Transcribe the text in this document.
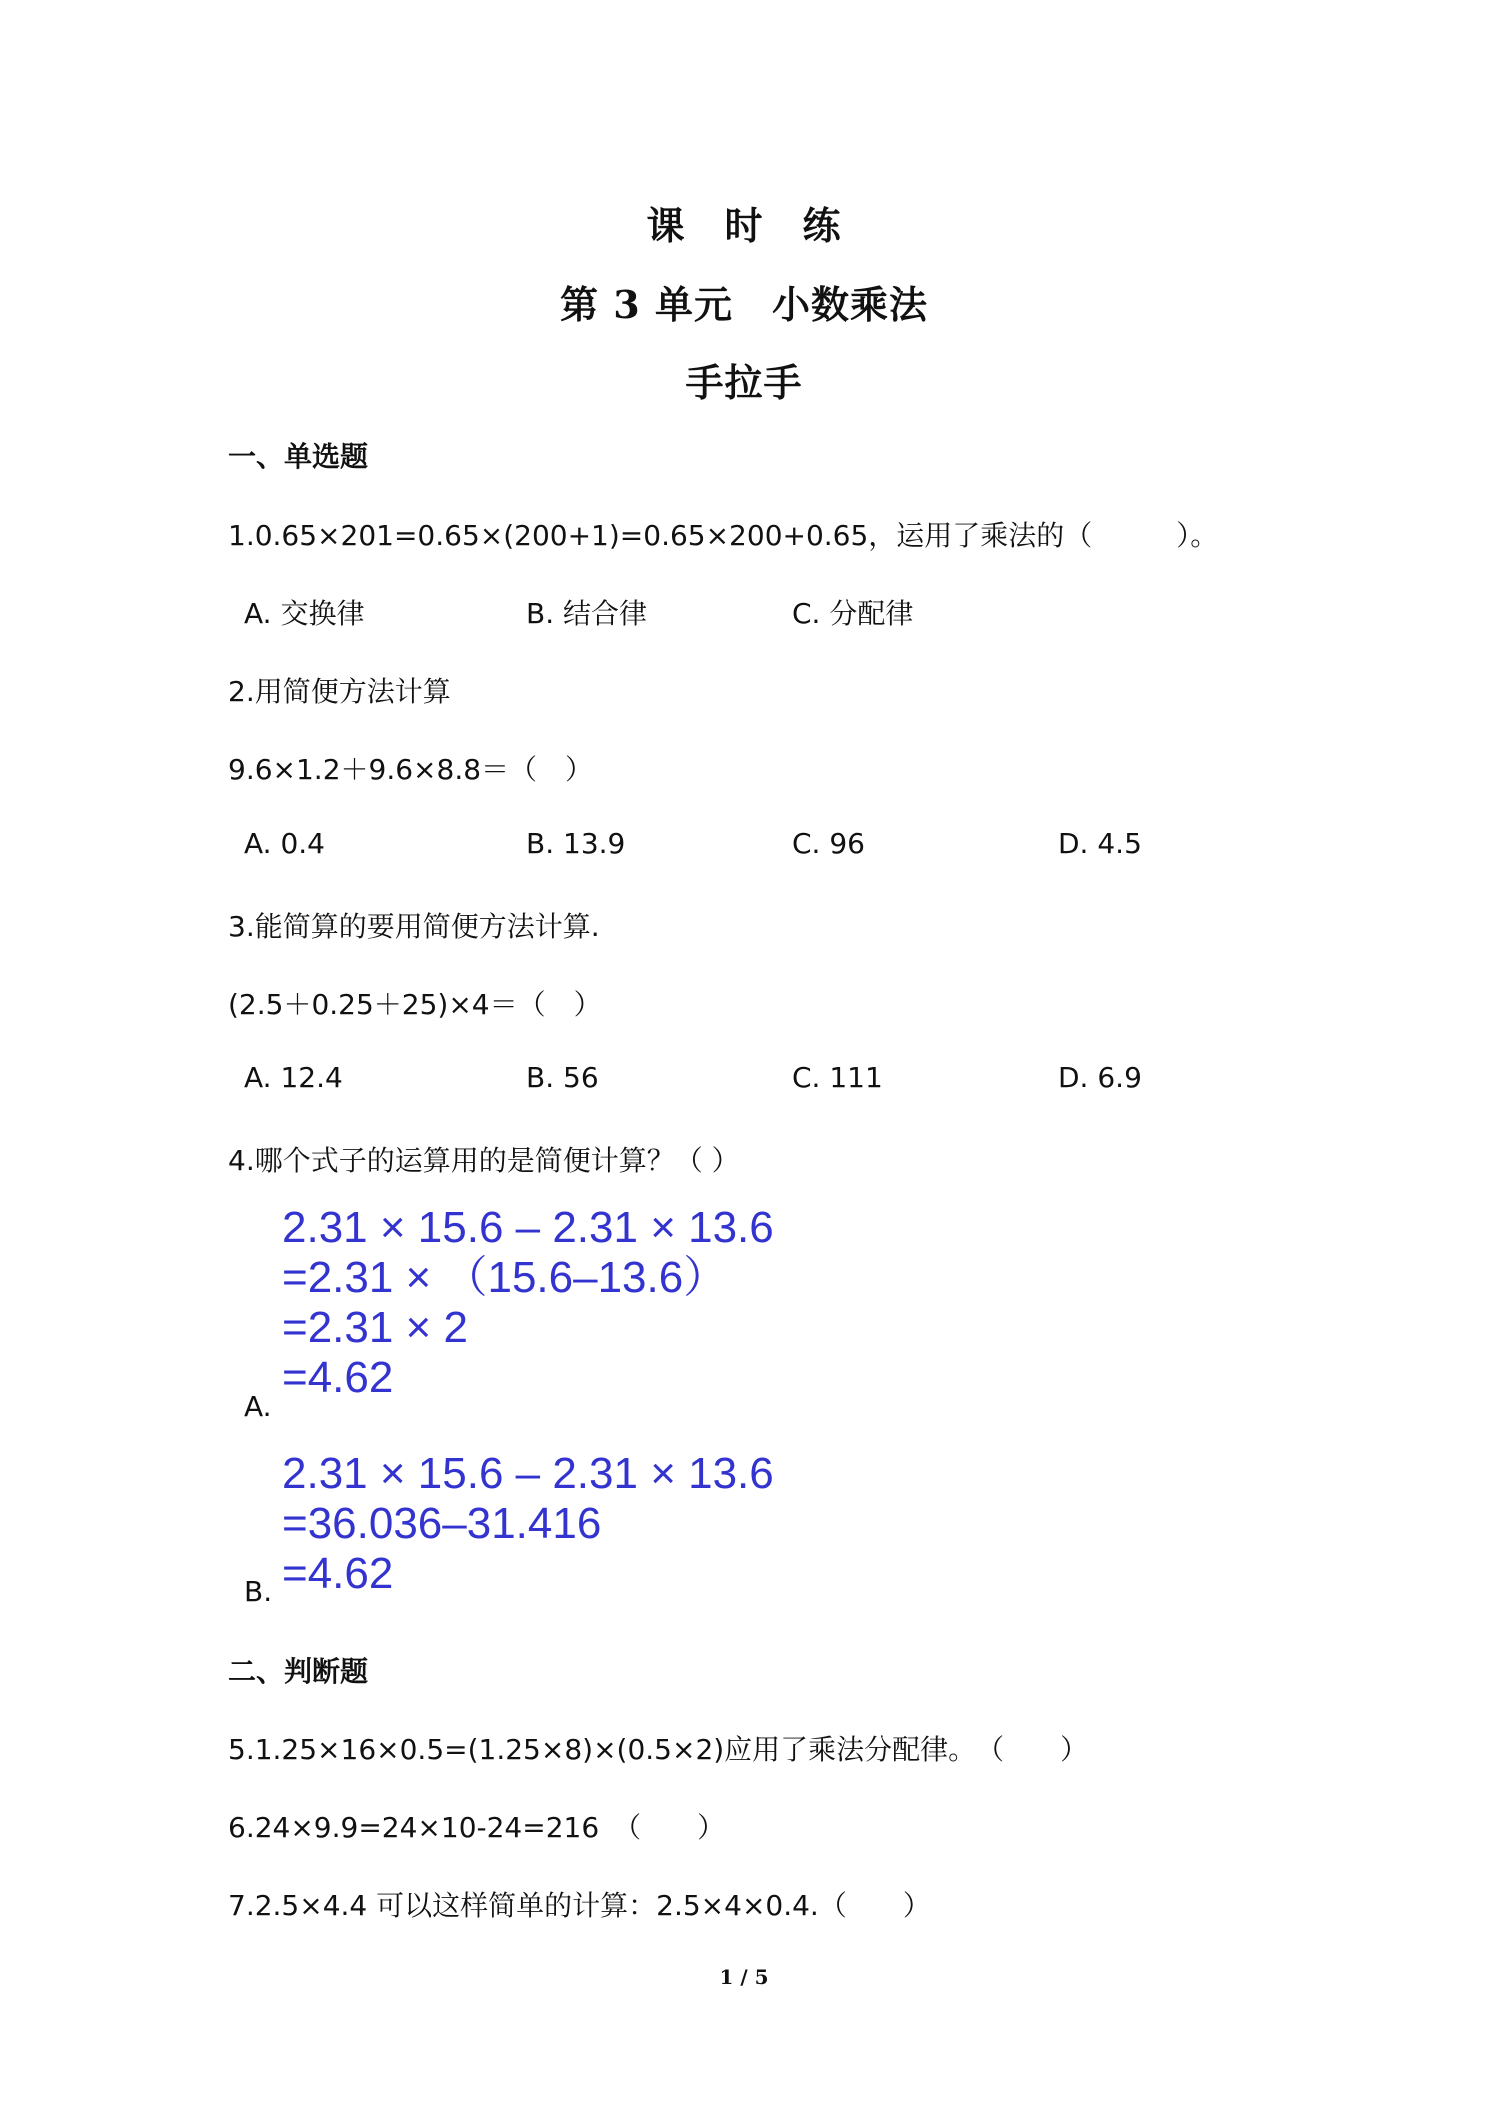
课　时　练
第 3 单元　小数乘法
手拉手
一、单选题
1.0.65×201=0.65×(200+1)=0.65×200+0.65，运用了乘法的（　　　）。
A. 交换律	B. 结合律	C. 分配律
2.用简便方法计算
9.6×1.2＋9.6×8.8＝（　）
A. 0.4	B. 13.9	C. 96	D. 4.5
3.能简算的要用简便方法计算.
(2.5＋0.25＋25)×4＝（　）
A. 12.4	B. 56	C. 111	D. 6.9
4.哪个式子的运算用的是简便计算？（ ）
A.
2.31 × 15.6 – 2.31 × 13.6
=2.31 × （15.6–13.6）
=2.31 × 2
=4.62
B.
2.31 × 15.6 – 2.31 × 13.6
=36.036–31.416
=4.62
二、判断题
5.1.25×16×0.5=(1.25×8)×(0.5×2)应用了乘法分配律。　（　　）
6.24×9.9=24×10-24=216　（　　）
7.2.5×4.4 可以这样简单的计算：2.5×4×0.4.（　　）
1 / 5
